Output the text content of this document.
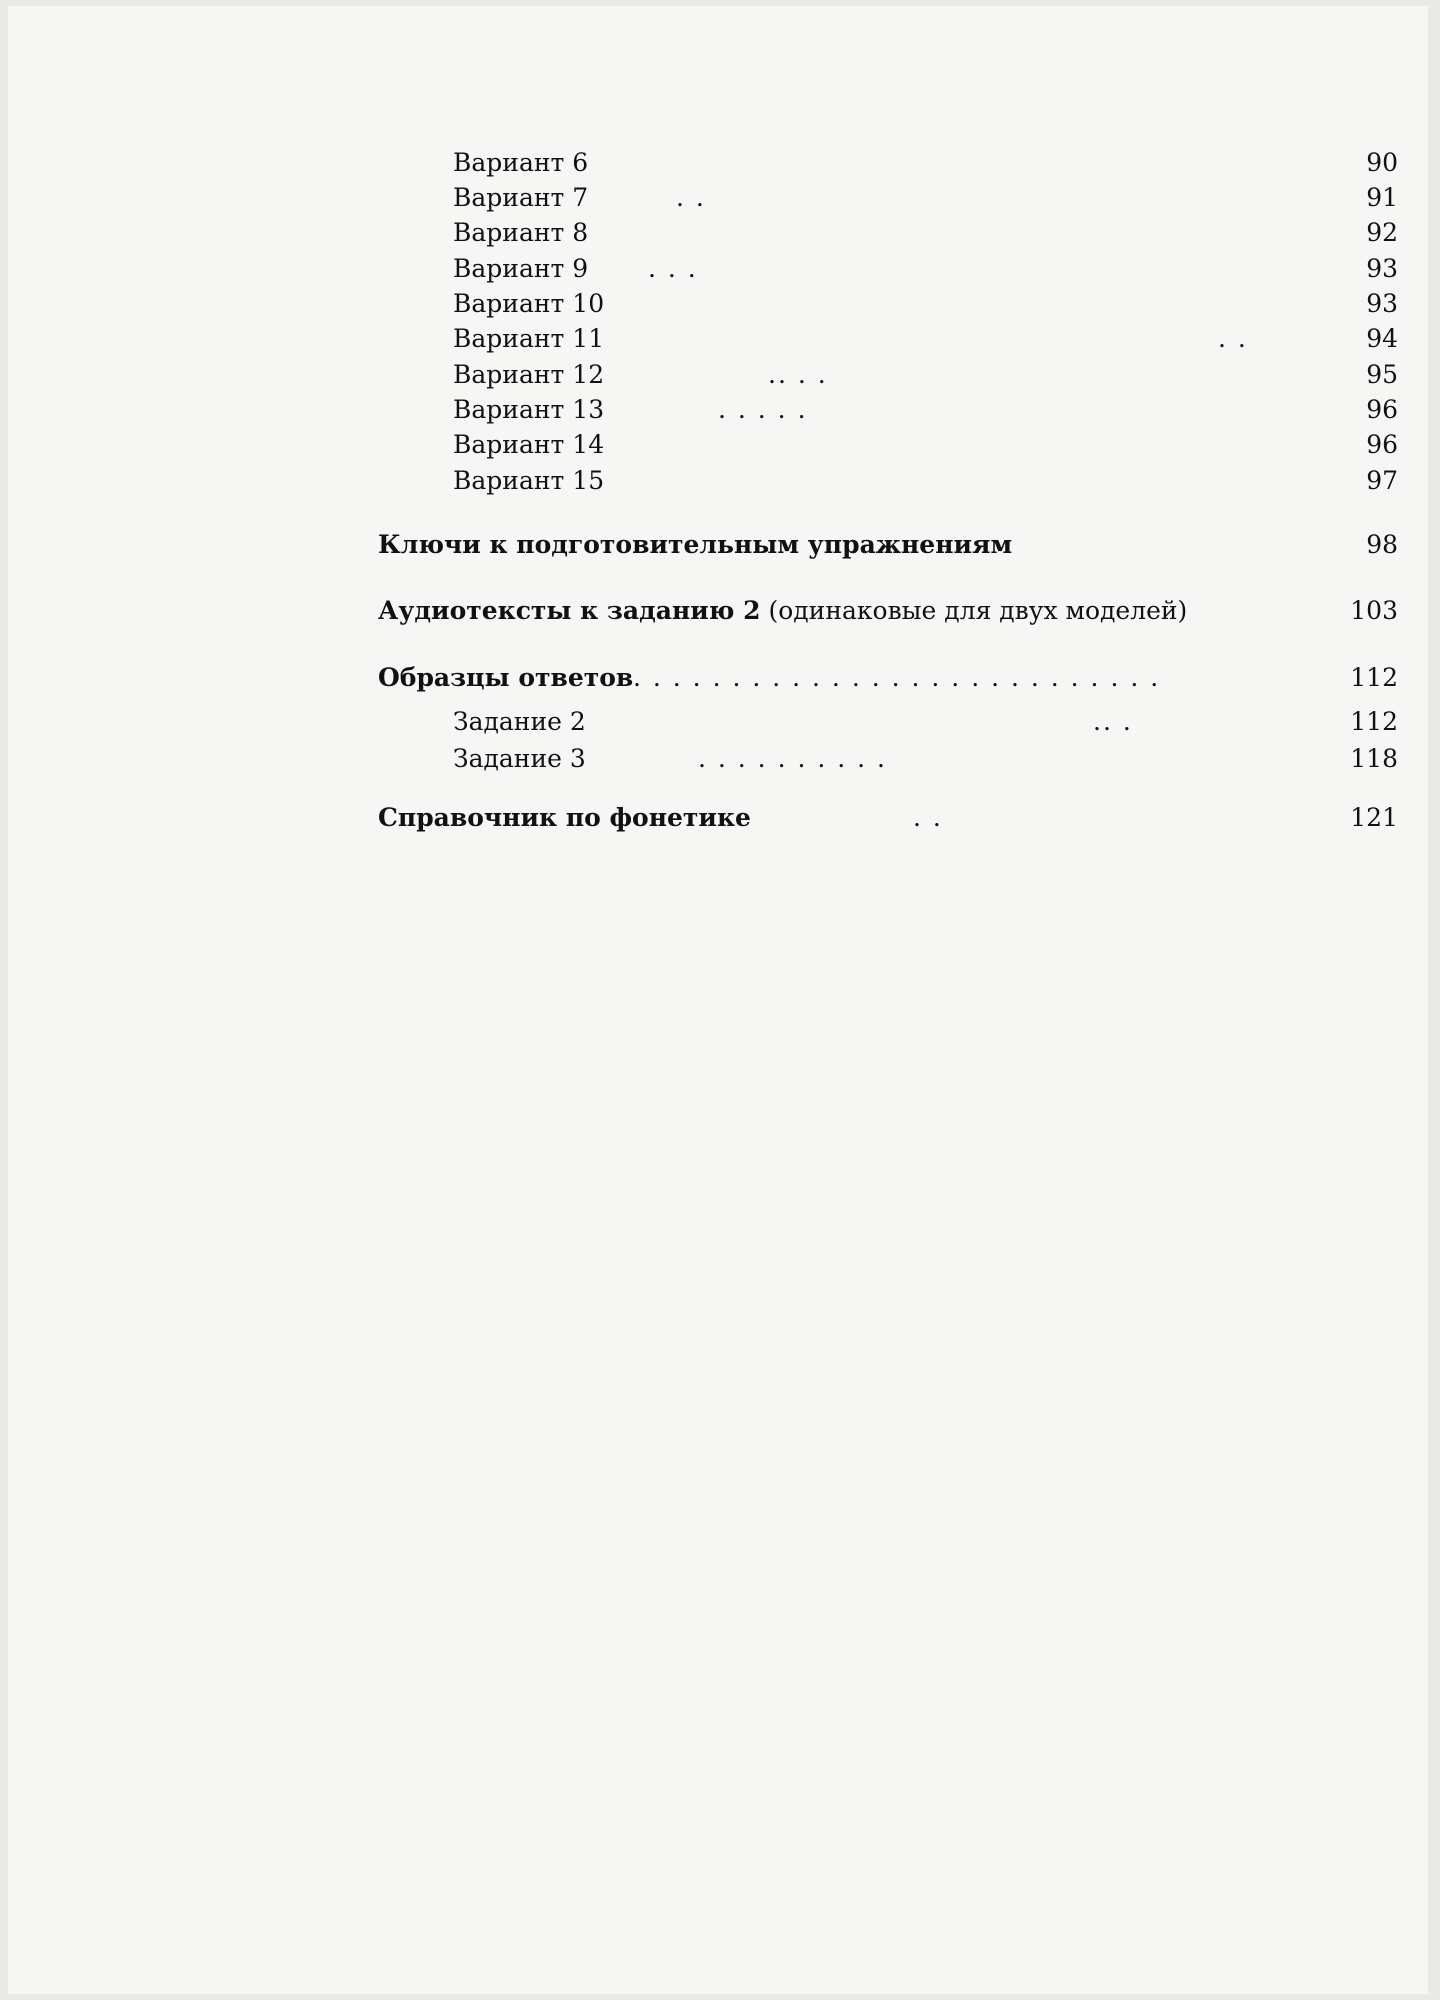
Вариант 6	90
Вариант 7	. .	91
Вариант 8	92
Вариант 9 . . .	93
Вариант 10	93
Вариант 11	. .	94
Вариант 12	.. . .	95
Вариант 13	. . . . .	96
Вариант 14	96
Вариант 15	97
Ключи к подготовительным упражнениям	98
Аудиотексты к заданию 2 (одинаковые для двух моделей)	103
Образцы ответов . . . . . . . . . . . . . . . . . . . . . . . . . . .	112
Задание 2	.. .	112
Задание 3	. . . . . . . . . .	118
Справочник по фонетике	. .	121
